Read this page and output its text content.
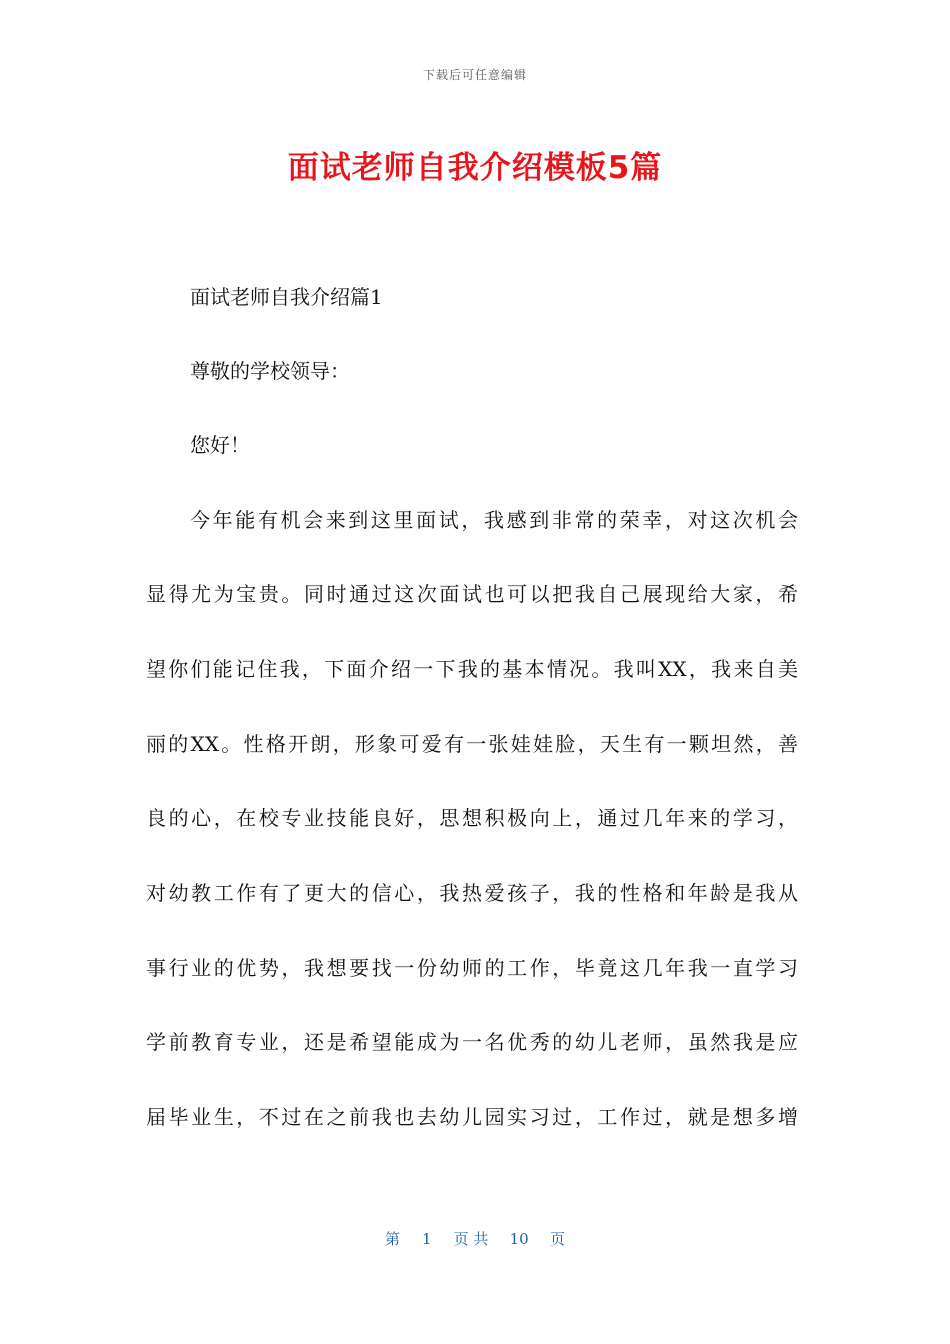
下载后可任意编辑
面试老师自我介绍模板5篇
面试老师自我介绍篇1
尊敬的学校领导：
您好！
今年能有机会来到这里面试，我感到非常的荣幸，对这次机会
显得尤为宝贵。同时通过这次面试也可以把我自己展现给大家，希
望你们能记住我，下面介绍一下我的基本情况。我叫XX，我来自美
丽的XX。性格开朗，形象可爱有一张娃娃脸，天生有一颗坦然，善
良的心，在校专业技能良好，思想积极向上，通过几年来的学习，
对幼教工作有了更大的信心，我热爱孩子，我的性格和年龄是我从
事行业的优势，我想要找一份幼师的工作，毕竟这几年我一直学习
学前教育专业，还是希望能成为一名优秀的幼儿老师，虽然我是应
届毕业生，不过在之前我也去幼儿园实习过，工作过，就是想多增
第 1 页 共 10 页
